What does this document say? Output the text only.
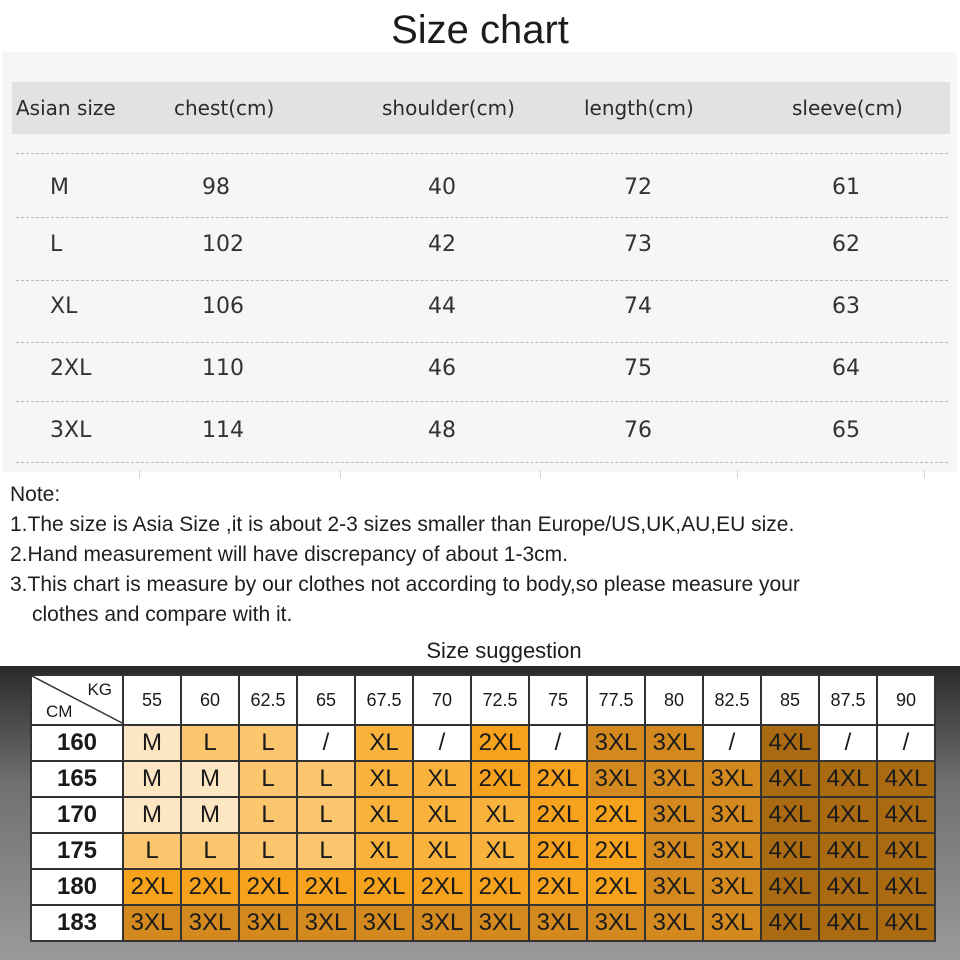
Size chart
Asian size	chest(cm)	shoulder(cm)	length(cm)	sleeve(cm)
M	98	40	72	61
L	102	42	73	62
XL	106	44	74	63
2XL	110	46	75	64
3XL	114	48	76	65
Note:
1.The size is Asia Size ,it is about 2-3 sizes smaller than Europe/US,UK,AU,EU size.
2.Hand measurement will have discrepancy of about 1-3cm.
3.This chart is measure by our clothes not according to body,so please measure your
clothes and compare with it.
Size suggestion
KG
CM	55	60	62.5	65	67.5	70	72.5	75	77.5	80	82.5	85	87.5	90
160	M	L	L	/	XL	/	2XL	/	3XL	3XL	/	4XL	/	/
165	M	M	L	L	XL	XL	2XL	2XL	3XL	3XL	3XL	4XL	4XL	4XL
170	M	M	L	L	XL	XL	XL	2XL	2XL	3XL	3XL	4XL	4XL	4XL
175	L	L	L	L	XL	XL	XL	2XL	2XL	3XL	3XL	4XL	4XL	4XL
180	2XL	2XL	2XL	2XL	2XL	2XL	2XL	2XL	2XL	3XL	3XL	4XL	4XL	4XL
183	3XL	3XL	3XL	3XL	3XL	3XL	3XL	3XL	3XL	3XL	3XL	4XL	4XL	4XL
